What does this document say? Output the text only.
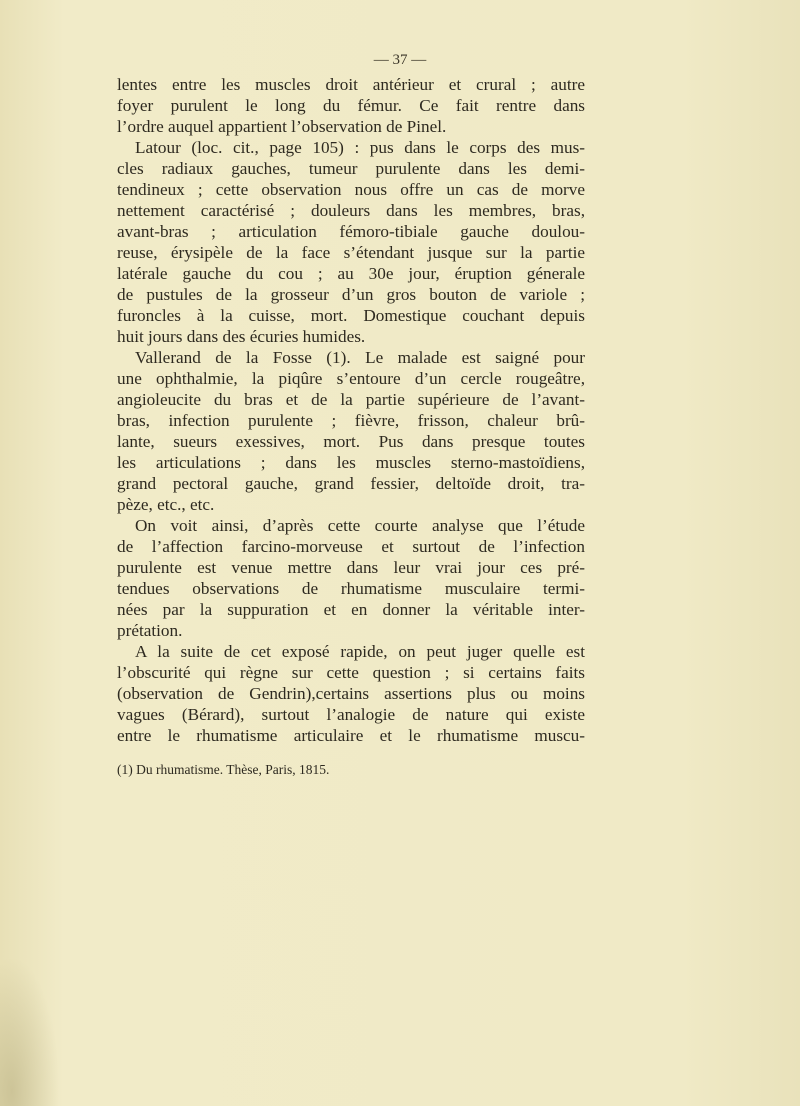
— 37 —
lentes entre les muscles droit antérieur et crural ; autre
foyer purulent le long du fémur. Ce fait rentre dans
l’ordre auquel appartient l’observation de Pinel.
Latour (loc. cit., page 105) : pus dans le corps des mus-
cles radiaux gauches, tumeur purulente dans les demi-
tendineux ; cette observation nous offre un cas de morve
nettement caractérisé ; douleurs dans les membres, bras,
avant-bras ; articulation fémoro-tibiale gauche doulou-
reuse, érysipèle de la face s’étendant jusque sur la partie
latérale gauche du cou ; au 30e jour, éruption génerale
de pustules de la grosseur d’un gros bouton de variole ;
furoncles à la cuisse, mort. Domestique couchant depuis
huit jours dans des écuries humides.
Vallerand de la Fosse (1). Le malade est saigné pour
une ophthalmie, la piqûre s’entoure d’un cercle rougeâtre,
angioleucite du bras et de la partie supérieure de l’avant-
bras, infection purulente ; fièvre, frisson, chaleur brû-
lante, sueurs exessives, mort. Pus dans presque toutes
les articulations ; dans les muscles sterno-mastoïdiens,
grand pectoral gauche, grand fessier, deltoïde droit, tra-
pèze, etc., etc.
On voit ainsi, d’après cette courte analyse que l’étude
de l’affection farcino-morveuse et surtout de l’infection
purulente est venue mettre dans leur vrai jour ces pré-
tendues observations de rhumatisme musculaire termi-
nées par la suppuration et en donner la véritable inter-
prétation.
A la suite de cet exposé rapide, on peut juger quelle est
l’obscurité qui règne sur cette question ; si certains faits
(observation de Gendrin),certains assertions plus ou moins
vagues (Bérard), surtout l’analogie de nature qui existe
entre le rhumatisme articulaire et le rhumatisme muscu-
(1) Du rhumatisme. Thèse, Paris, 1815.
